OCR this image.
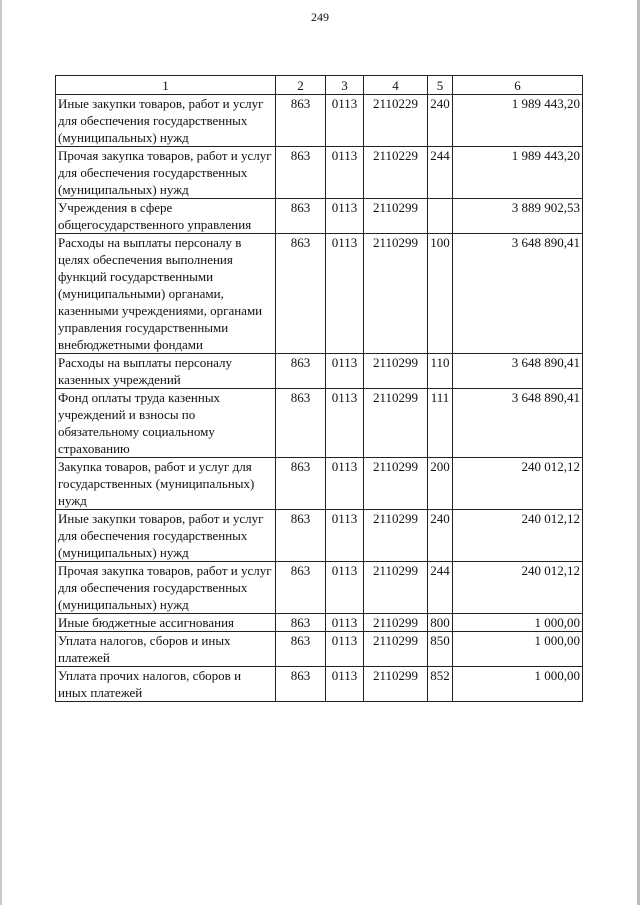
249
1	2	3	4	5	6
Иные закупки товаров, работ и услуг для обеспечения государственных (муниципальных) нужд	863	0113	2110229	240	1 989 443,20
Прочая закупка товаров, работ и услуг для обеспечения государственных (муниципальных) нужд	863	0113	2110229	244	1 989 443,20
Учреждения в сфере общегосударственного управления	863	0113	2110299		3 889 902,53
Расходы на выплаты персоналу в целях обеспечения выполнения функций государственными (муниципальными) органами, казенными учреждениями, органами управления государственными внебюджетными фондами	863	0113	2110299	100	3 648 890,41
Расходы на выплаты персоналу казенных учреждений	863	0113	2110299	110	3 648 890,41
Фонд оплаты труда казенных учреждений и взносы по обязательному социальному страхованию	863	0113	2110299	111	3 648 890,41
Закупка товаров, работ и услуг для государственных (муниципальных) нужд	863	0113	2110299	200	240 012,12
Иные закупки товаров, работ и услуг для обеспечения государственных (муниципальных) нужд	863	0113	2110299	240	240 012,12
Прочая закупка товаров, работ и услуг для обеспечения государственных (муниципальных) нужд	863	0113	2110299	244	240 012,12
Иные бюджетные ассигнования	863	0113	2110299	800	1 000,00
Уплата налогов, сборов и иных платежей	863	0113	2110299	850	1 000,00
Уплата прочих налогов, сборов и иных платежей	863	0113	2110299	852	1 000,00
